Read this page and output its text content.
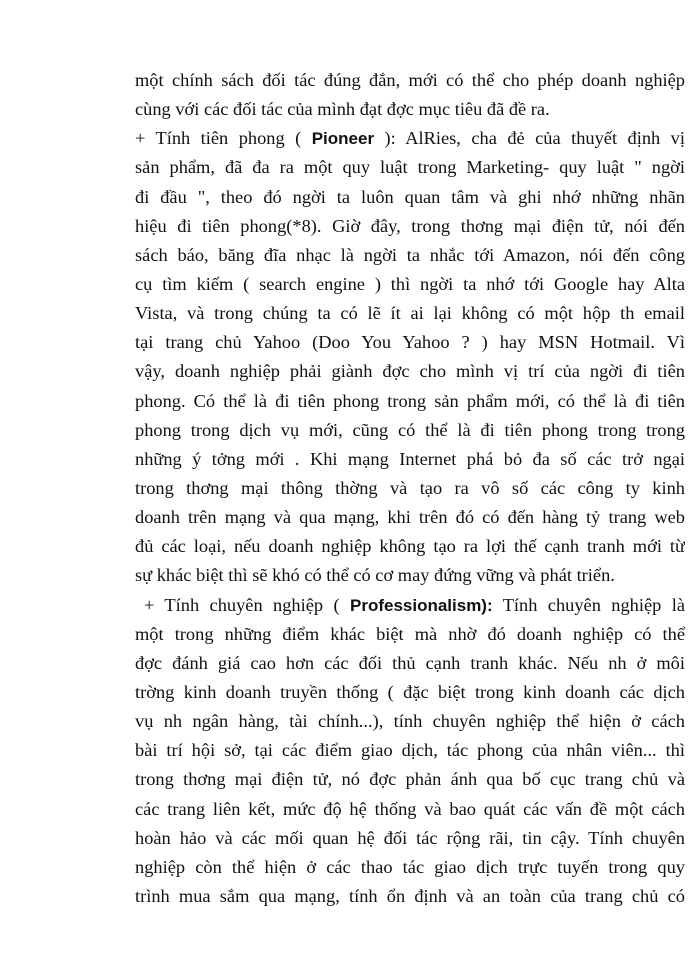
một chính sách đối tác đúng đắn, mới có thể cho phép doanh nghiệp
cùng với các đối tác của mình đạt đợc mục tiêu đã đề ra.
+ Tính tiên phong ( Pioneer ): AlRies, cha đẻ của thuyết định vị
sản phẩm, đã đa ra một quy luật trong Marketing- quy luật " ngời
đi đầu ", theo đó ngời ta luôn quan tâm và ghi nhớ những nhãn
hiệu đi tiên phong(*8). Giờ đây, trong thơng mại điện tử, nói đến
sách báo, băng đĩa nhạc là ngời ta nhắc tới Amazon, nói đến công
cụ tìm kiếm ( search engine ) thì ngời ta nhớ tới Google hay Alta
Vista, và trong chúng ta có lẽ ít ai lại không có một hộp th email
tại trang chủ Yahoo (Doo You Yahoo ? ) hay MSN Hotmail. Vì
vậy, doanh nghiệp phải giành đợc cho mình vị trí của ngời đi tiên
phong. Có thể là đi tiên phong trong sản phẩm mới, có thể là đi tiên
phong trong dịch vụ mới, cũng có thể là đi tiên phong trong trong
những ý tởng mới . Khi mạng Internet phá bỏ đa số các trở ngại
trong thơng mại thông thờng và tạo ra vô số các công ty kinh
doanh trên mạng và qua mạng, khi trên đó có đến hàng tỷ trang web
đủ các loại, nếu doanh nghiệp không tạo ra lợi thế cạnh tranh mới từ
sự khác biệt thì sẽ khó có thể có cơ may đứng vững và phát triển.
+ Tính chuyên nghiệp ( Professionalism): Tính chuyên nghiệp là
một trong những điểm khác biệt mà nhờ đó doanh nghiệp có thể
đợc đánh giá cao hơn các đối thủ cạnh tranh khác. Nếu nh ở môi
trờng kinh doanh truyền thống ( đặc biệt trong kinh doanh các dịch
vụ nh ngân hàng, tài chính...), tính chuyên nghiệp thể hiện ở cách
bài trí hội sở, tại các điểm giao dịch, tác phong của nhân viên... thì
trong thơng mại điện tử, nó đợc phản ánh qua bố cục trang chủ và
các trang liên kết, mức độ hệ thống và bao quát các vấn đề một cách
hoàn hảo và các mối quan hệ đối tác rộng rãi, tin cậy. Tính chuyên
nghiệp còn thể hiện ở các thao tác giao dịch trực tuyến trong quy
trình mua sắm qua mạng, tính ổn định và an toàn của trang chủ có
